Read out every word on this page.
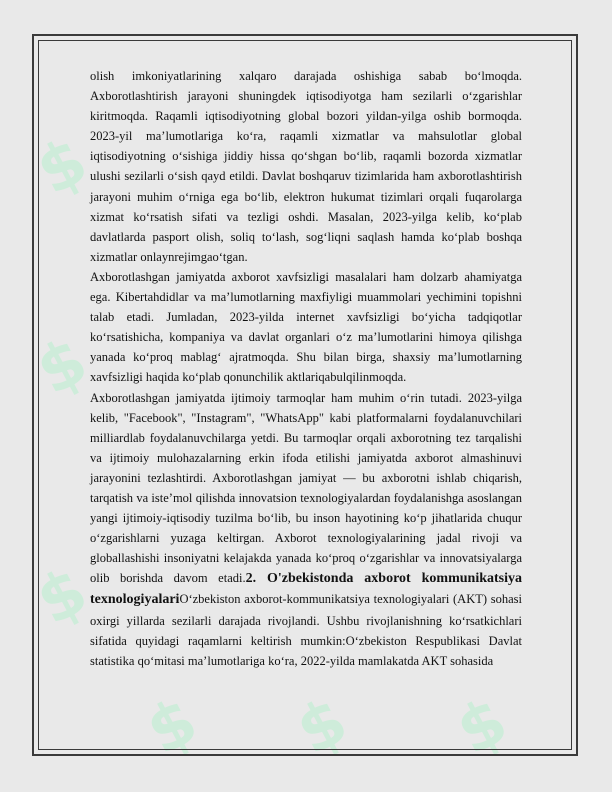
$
$
$
$ $ $

olish imkoniyatlarining xalqaro darajada oshishiga sabab bo‘lmoqda. Axborotlashtirish jarayoni shuningdek iqtisodiyotga ham sezilarli o‘zgarishlar kiritmoqda. Raqamli iqtisodiyotning global bozori yildan-yilga oshib bormoqda. 2023-yil ma’lumotlariga ko‘ra, raqamli xizmatlar va mahsulotlar global iqtisodiyotning o‘sishiga jiddiy hissa qo‘shgan bo‘lib, raqamli bozorda xizmatlar ulushi sezilarli o‘sish qayd etildi. Davlat boshqaruv tizimlarida ham axborotlashtirish jarayoni muhim o‘rniga ega bo‘lib, elektron hukumat tizimlari orqali fuqarolarga xizmat ko‘rsatish sifati va tezligi oshdi. Masalan, 2023-yilga kelib, ko‘plab davlatlarda pasport olish, soliq to‘lash, sog‘liqni saqlash hamda ko‘plab boshqa xizmatlar onlaynrejimgao‘tgan.

Axborotlashgan jamiyatda axborot xavfsizligi masalalari ham dolzarb ahamiyatga ega. Kibertahdidlar va ma’lumotlarning maxfiyligi muammolari yechimini topishni talab etadi. Jumladan, 2023-yilda internet xavfsizligi bo‘yicha tadqiqotlar ko‘rsatishicha, kompaniya va davlat organlari o‘z ma’lumotlarini himoya qilishga yanada ko‘proq mablag‘ ajratmoqda. Shu bilan birga, shaxsiy ma’lumotlarning xavfsizligi haqida ko‘plab qonunchilik aktlariqabulqilinmoqda.

Axborotlashgan jamiyatda ijtimoiy tarmoqlar ham muhim o‘rin tutadi. 2023-yilga kelib, "Facebook", "Instagram", "WhatsApp" kabi platformalarni foydalanuvchilari milliardlab foydalanuvchilarga yetdi. Bu tarmoqlar orqali axborotning tez tarqalishi va ijtimoiy mulohazalarning erkin ifoda etilishi jamiyatda axborot almashinuvi jarayonini tezlashtirdi. Axborotlashgan jamiyat — bu axborotni ishlab chiqarish, tarqatish va iste’mol qilishda innovatsion texnologiyalardan foydalanishga asoslangan yangi ijtimoiy-iqtisodiy tuzilma bo‘lib, bu inson hayotining ko‘p jihatlarida chuqur o‘zgarishlarni yuzaga keltirgan. Axborot texnologiyalarining jadal rivoji va globallashishi insoniyatni kelajakda yanada ko‘proq o‘zgarishlar va innovatsiyalarga olib borishda davom etadi.2. O'zbekistonda axborot kommunikatsiya texnologiyalariO‘zbekiston axborot-kommunikatsiya texnologiyalari (AKT) sohasi oxirgi yillarda sezilarli darajada rivojlandi. Ushbu rivojlanishning ko‘rsatkichlari sifatida quyidagi raqamlarni keltirish mumkin:O‘zbekiston Respublikasi Davlat statistika qo‘mitasi ma’lumotlariga ko‘ra, 2022-yilda mamlakatda AKT sohasida
